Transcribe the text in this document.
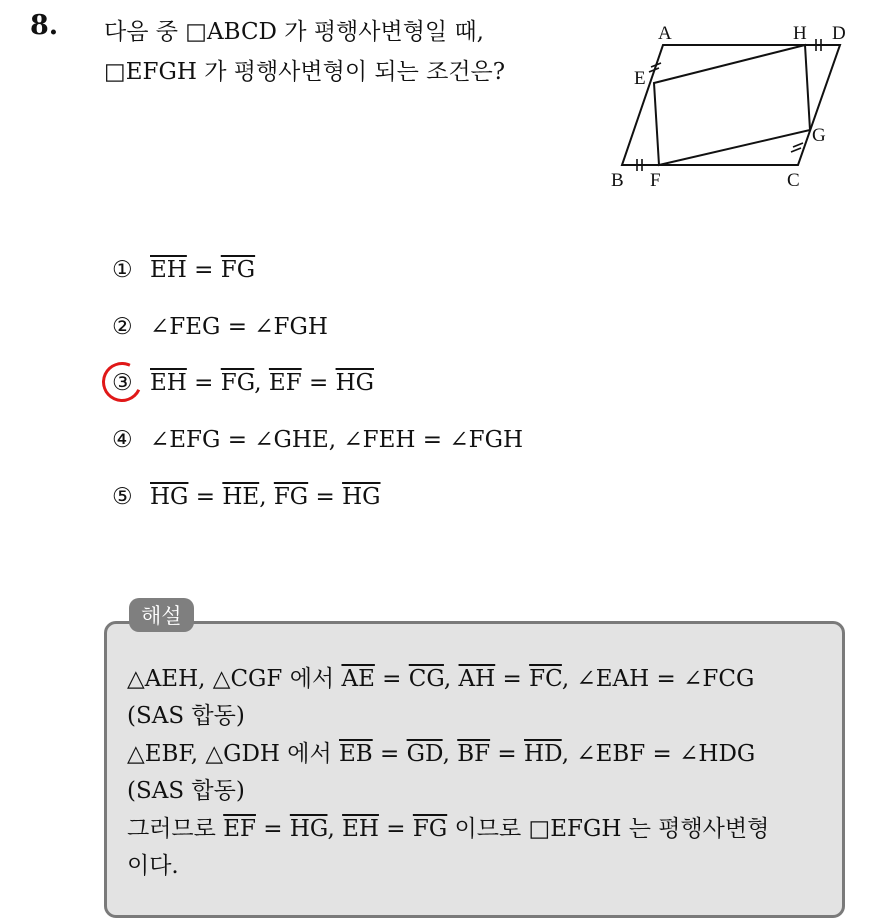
8. 다음 중 □ABCD 가 평행사변형일 때,
□EFGH 가 평행사변형이 되는 조건은?
A	H D
E
G
B F	C
① $\overline{EH} = \overline{FG}$
② ∠FEG = ∠FGH
③ $\overline{EH} = \overline{FG}$, $\overline{EF} = \overline{HG}$
④ ∠EFG = ∠GHE, ∠FEH = ∠FGH
⑤ $\overline{HG} = \overline{HE}$, $\overline{FG} = \overline{HG}$
해설
△AEH, △CGF 에서 $\overline{AE} = \overline{CG}$, $\overline{AH} = \overline{FC}$, ∠EAH = ∠FCG
(SAS 합동)
△EBF, △GDH 에서 $\overline{EB} = \overline{GD}$, $\overline{BF} = \overline{HD}$, ∠EBF = ∠HDG
(SAS 합동)
그러므로 $\overline{EF} = \overline{HG}$, $\overline{EH} = \overline{FG}$ 이므로 □EFGH 는 평행사변형
이다.
